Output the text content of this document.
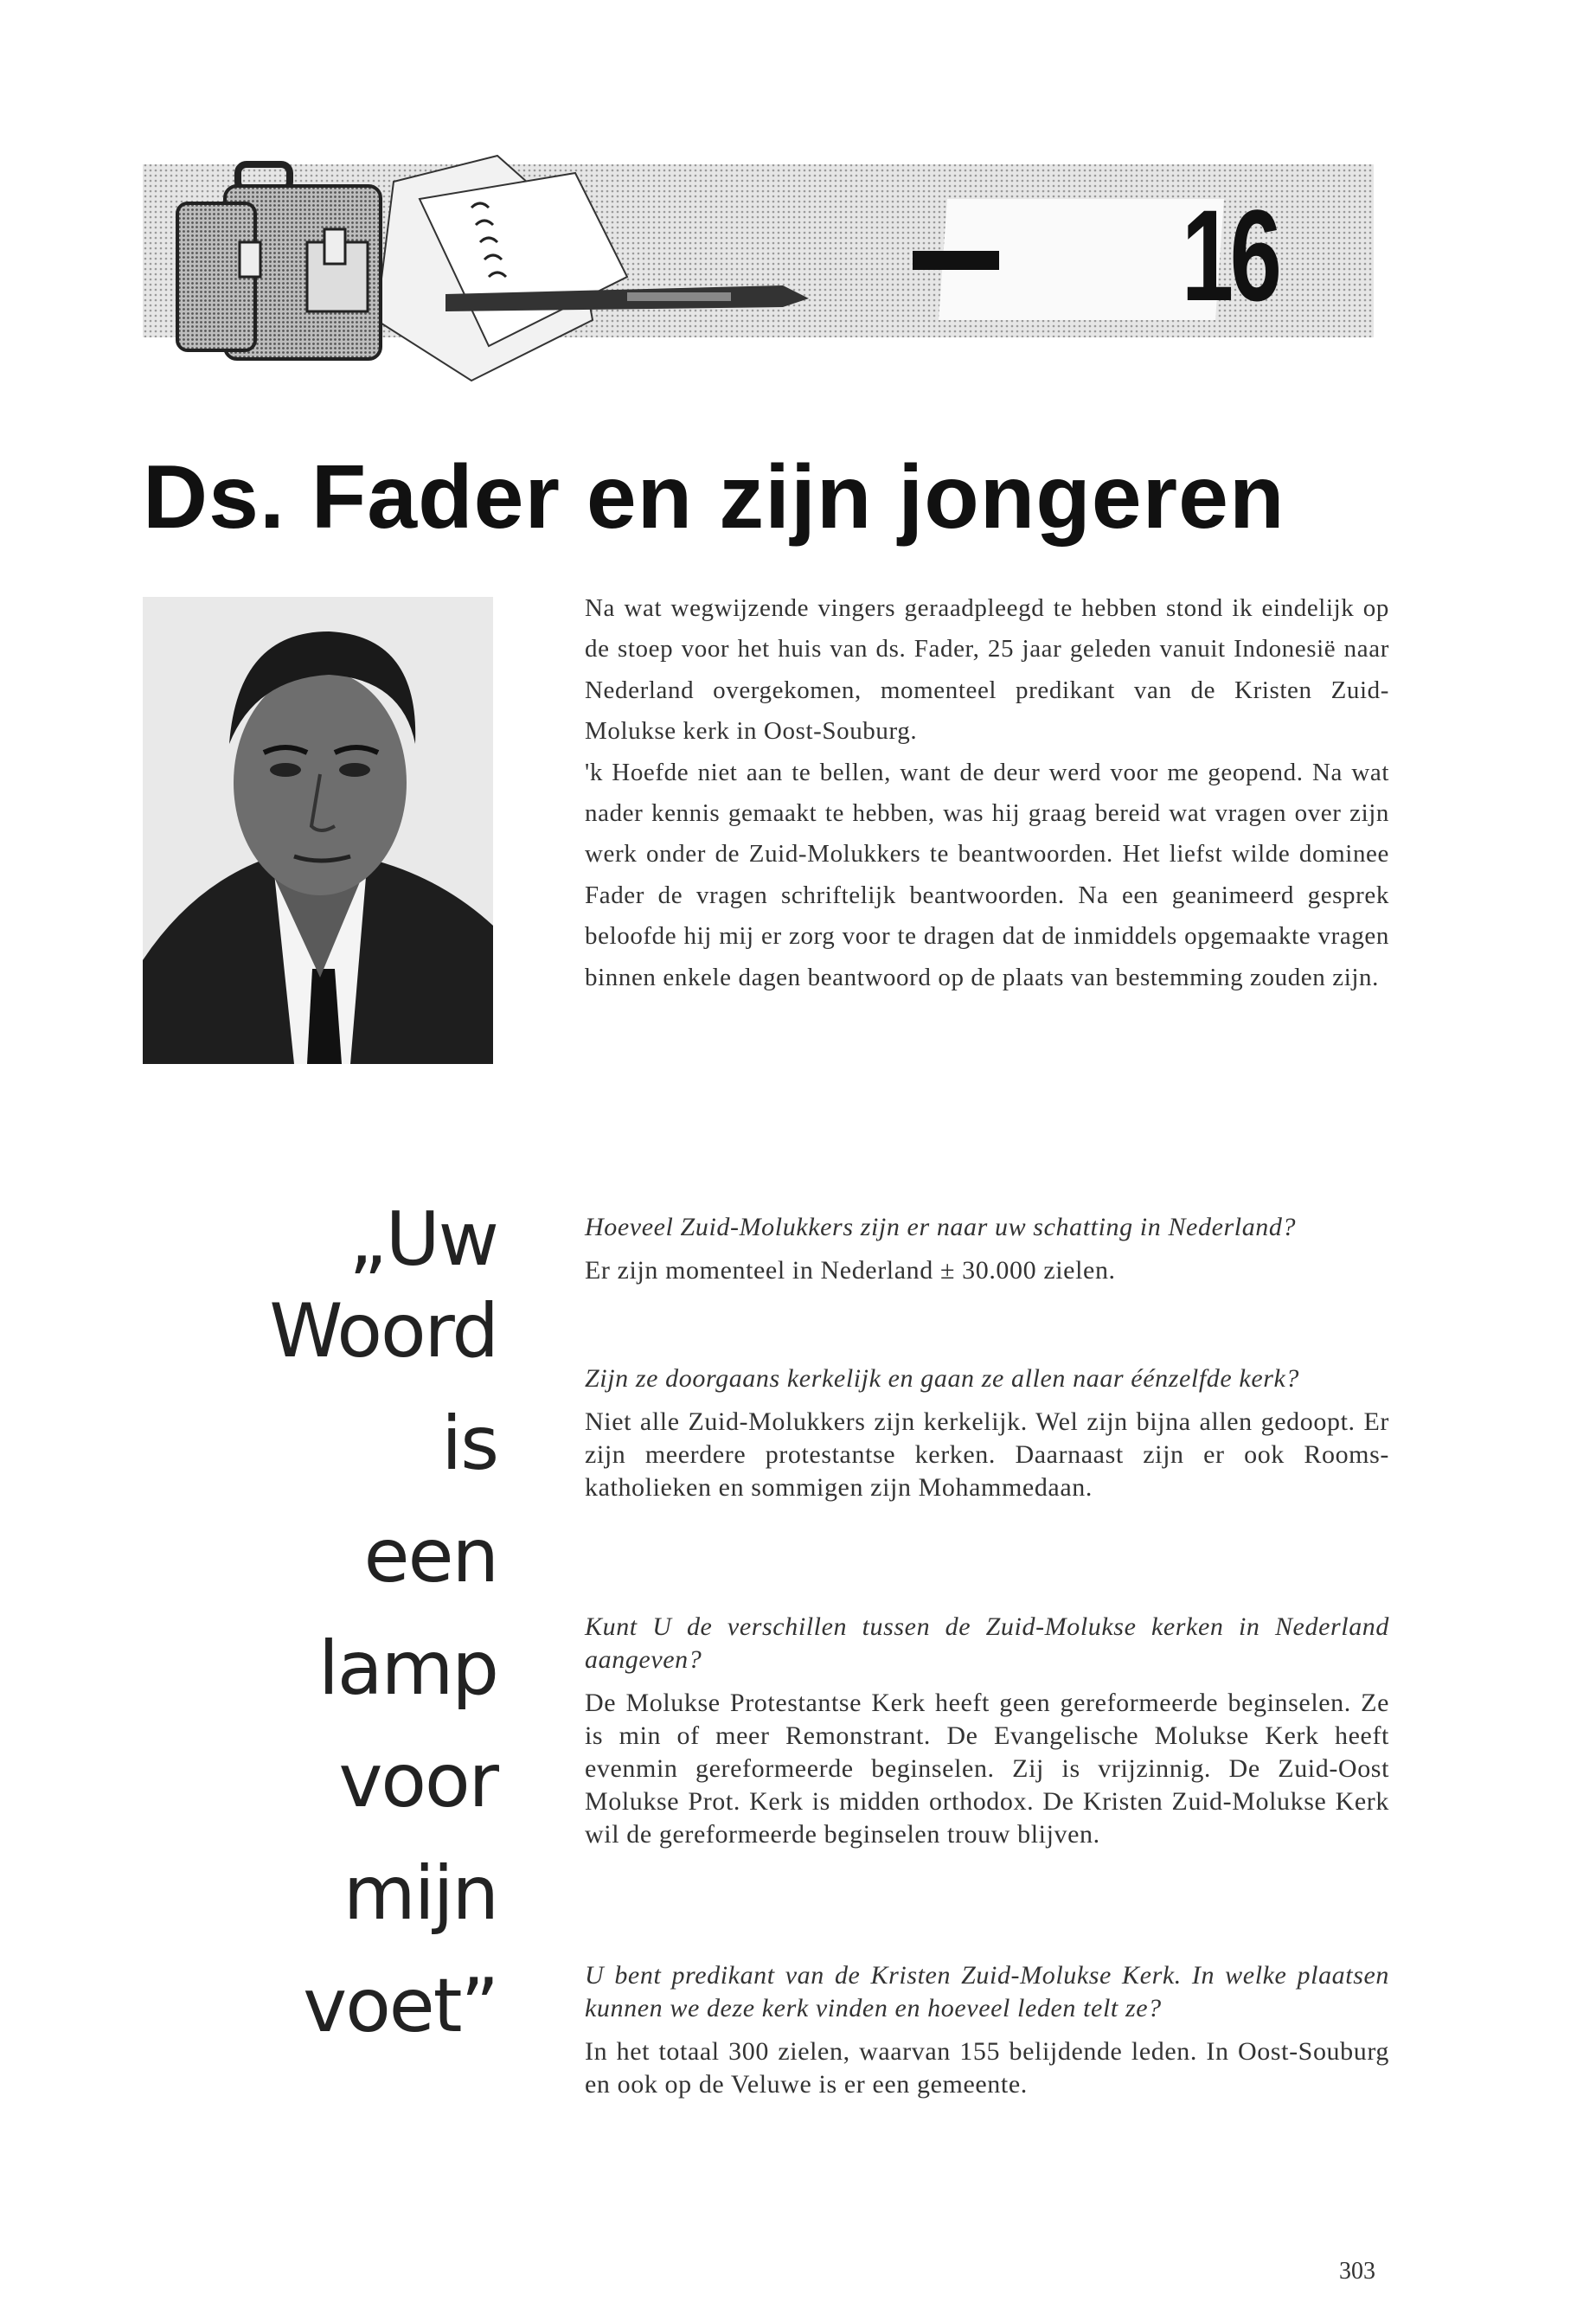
16
Ds. Fader en zijn jongeren

Na wat wegwijzende vingers geraadpleegd te hebben stond ik eindelijk op de stoep voor het huis van ds. Fader, 25 jaar geleden vanuit Indonesië naar Nederland overgekomen, momenteel predikant van de Kristen Zuid-Molukse kerk in Oost-Souburg.

'k Hoefde niet aan te bellen, want de deur werd voor me geopend. Na wat nader kennis gemaakt te hebben, was hij graag bereid wat vragen over zijn werk onder de Zuid-Molukkers te beantwoorden. Het liefst wilde dominee Fader de vragen schriftelijk beantwoorden. Na een geanimeerd gesprek beloofde hij mij er zorg voor te dragen dat de inmiddels opgemaakte vragen binnen enkele dagen beantwoord op de plaats van bestemming zouden zijn.

„Uw
Woord
is
een
lamp
voor
mijn
voet”

Hoeveel Zuid-Molukkers zijn er naar uw schatting in Nederland?

Er zijn momenteel in Nederland ± 30.000 zielen.

Zijn ze doorgaans kerkelijk en gaan ze allen naar éénzelfde kerk?

Niet alle Zuid-Molukkers zijn kerkelijk. Wel zijn bijna allen gedoopt. Er zijn meerdere protestantse kerken. Daarnaast zijn er ook Rooms-katholieken en sommigen zijn Mohammedaan.

Kunt U de verschillen tussen de Zuid-Molukse kerken in Nederland aangeven?

De Molukse Protestantse Kerk heeft geen gereformeerde beginselen. Ze is min of meer Remonstrant. De Evangelische Molukse Kerk heeft evenmin gereformeerde beginselen. Zij is vrijzinnig. De Zuid-Oost Molukse Prot. Kerk is midden orthodox. De Kristen Zuid-Molukse Kerk wil de gereformeerde beginselen trouw blijven.

U bent predikant van de Kristen Zuid-Molukse Kerk. In welke plaatsen kunnen we deze kerk vinden en hoeveel leden telt ze?

In het totaal 300 zielen, waarvan 155 belijdende leden. In Oost-Souburg en ook op de Veluwe is er een gemeente.

303
